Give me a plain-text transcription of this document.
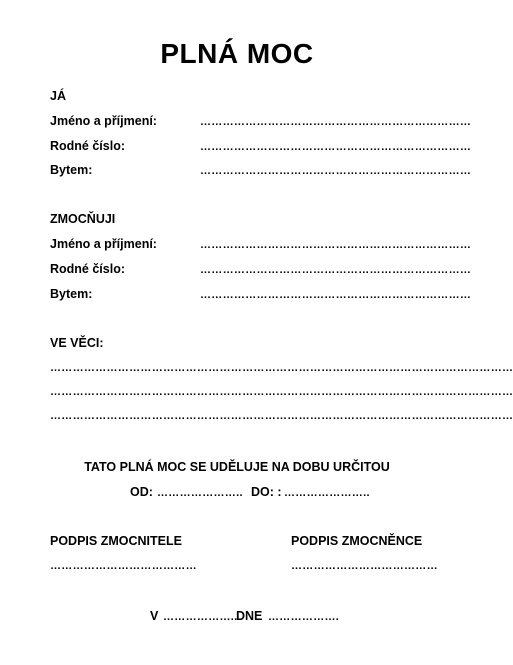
PLNÁ MOC
JÁ
Jméno a příjmení:	………………………………………………………………
Rodné číslo:	………………………………………………………………
Bytem:	………………………………………………………………
ZMOCŇUJI
Jméno a příjmení:	………………………………………………………………
Rodné číslo:	………………………………………………………………
Bytem:	………………………………………………………………
VE VĚCI:
……………………………………………………………………………………………………………
……………………………………………………………………………………………………………
……………………………………………………………………………………………………………
TATO PLNÁ MOC SE UDĚLUJE NA DOBU URČITOU
OD: ………………….. DO: : …………………..
PODPIS ZMOCNITELE
…………………………………
PODPIS ZMOCNĚNCE
…………………………………
V ………………..
DNE ……………….
